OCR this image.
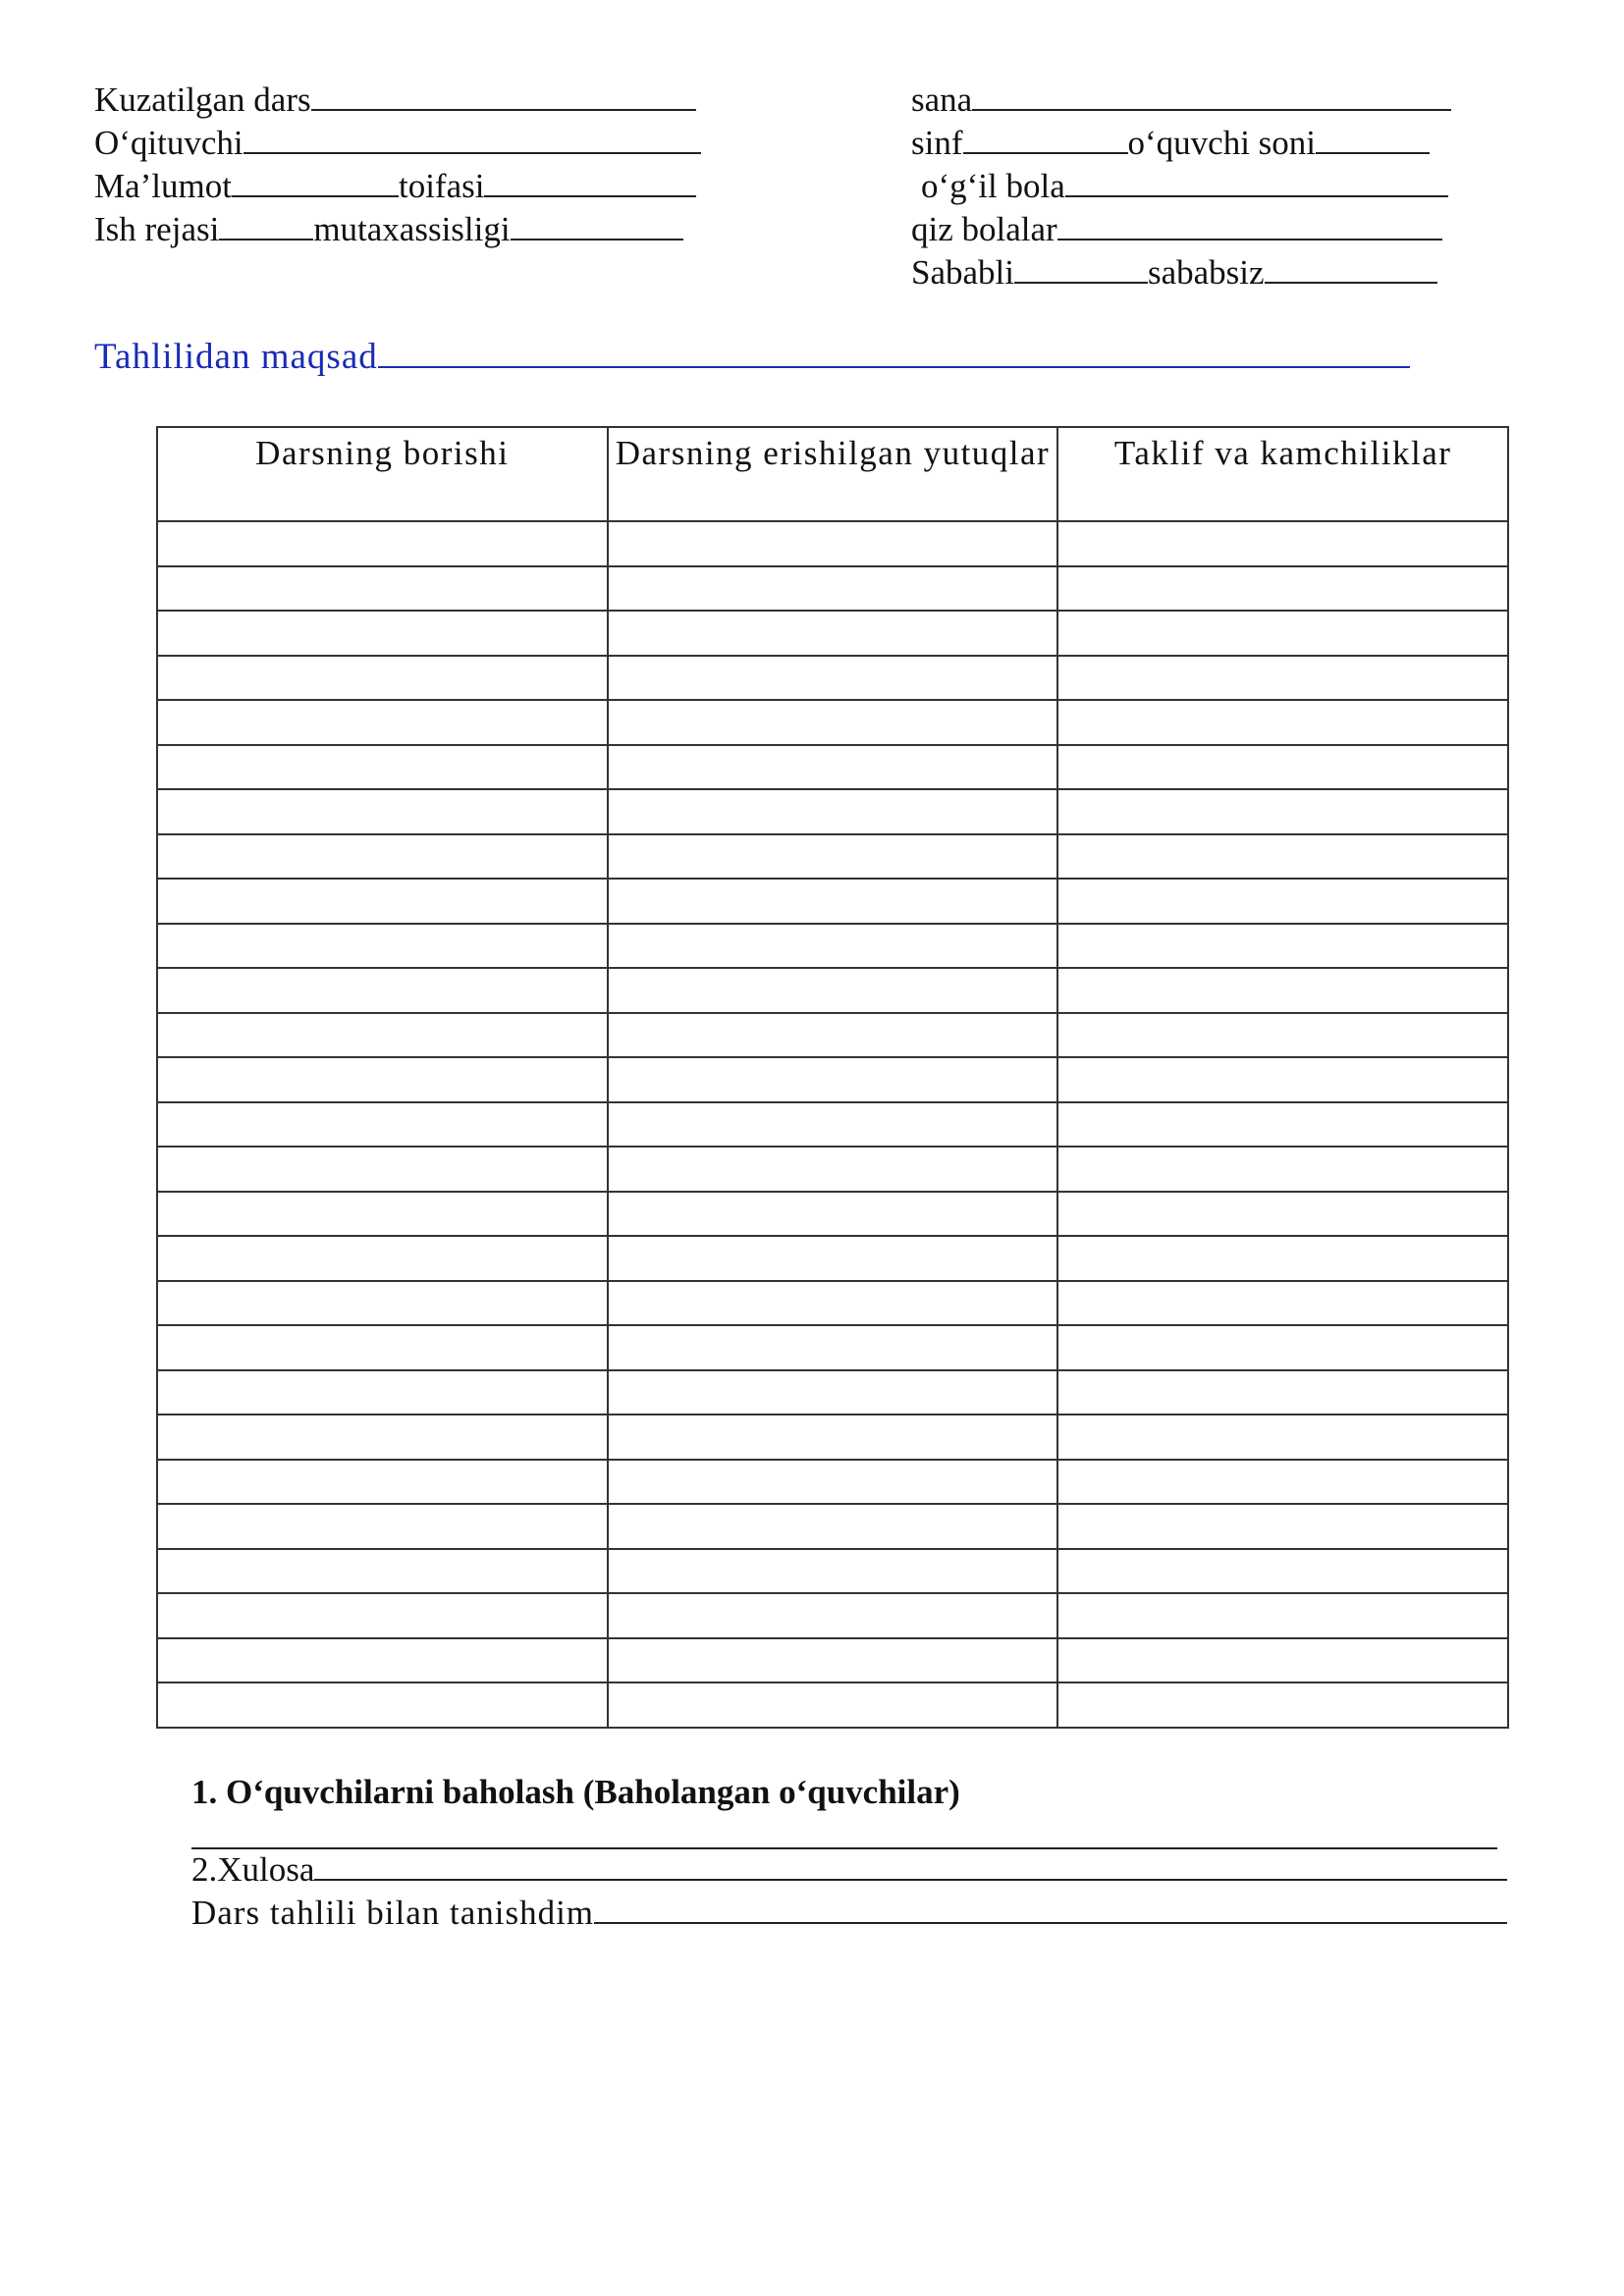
Kuzatilgan dars
O‘qituvchi
Ma’lumot	toifasi
Ish rejasi	mutaxassisligi
sana
sinf	o‘quvchi soni
o‘g‘il bola
qiz bolalar
Sababli	sababsiz
Tahlilidan maqsad
Darsning borishi	Darsning erishilgan yutuqlar	Taklif va kamchiliklar

1. O‘quvchilarni baholash (Baholangan o‘quvchilar)
2.Xulosa
Dars tahlili bilan tanishdim
